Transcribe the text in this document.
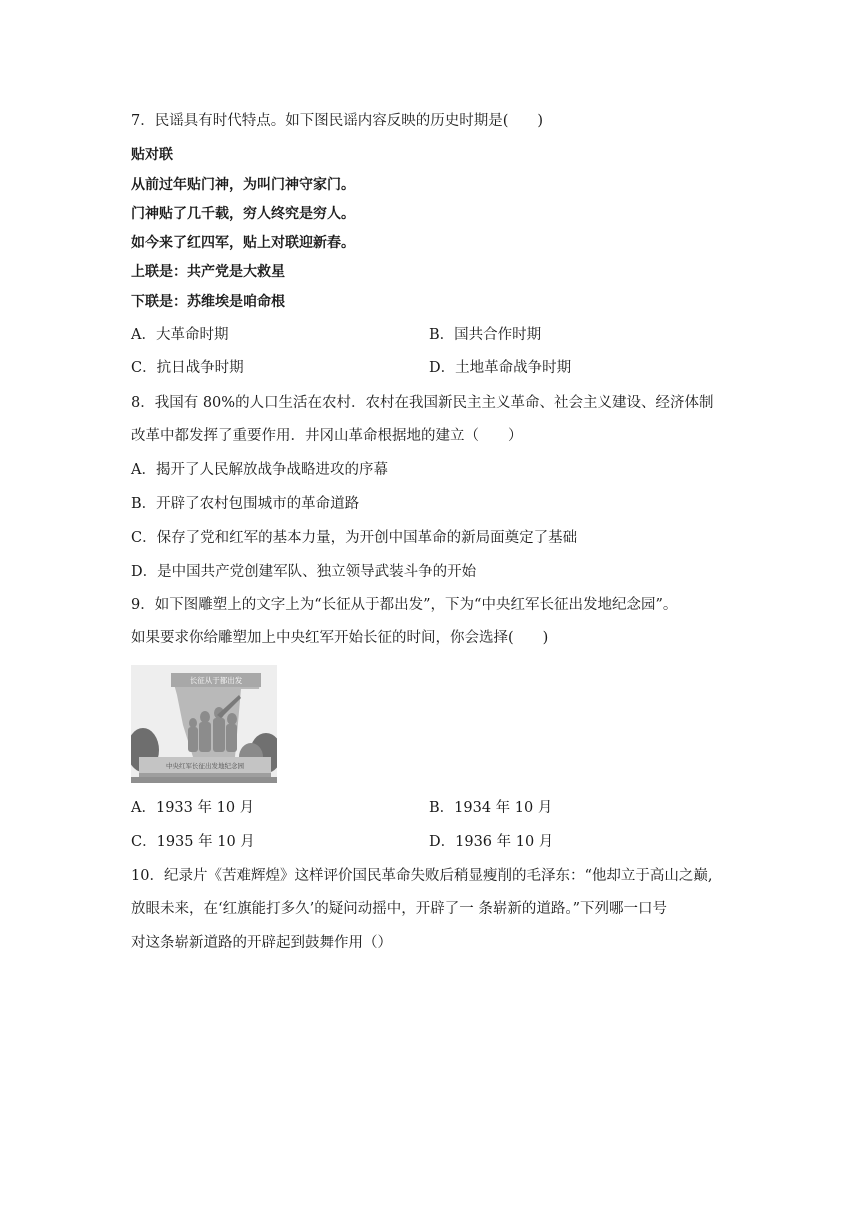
7．民谣具有时代特点。如下图民谣内容反映的历史时期是(　　)
贴对联
从前过年贴门神，为叫门神守家门。
门神贴了几千载，穷人终究是穷人。
如今来了红四军，贴上对联迎新春。
上联是：共产党是大救星
下联是：苏维埃是咱命根
A．大革命时期	B．国共合作时期
C．抗日战争时期	D．土地革命战争时期
8．我国有 80%的人口生活在农村．农村在我国新民主主义革命、社会主义建设、经济体制
改革中都发挥了重要作用．井冈山革命根据地的建立（　　）
A．揭开了人民解放战争战略进攻的序幕
B．开辟了农村包围城市的革命道路
C．保存了党和红军的基本力量，为开创中国革命的新局面奠定了基础
D．是中国共产党创建军队、独立领导武装斗争的开始
9．如下图雕塑上的文字上为“长征从于都出发”，下为“中央红军长征出发地纪念园”。
如果要求你给雕塑加上中央红军开始长征的时间，你会选择(　　)
长征从于都出发
中央红军长征出发地纪念园
A．1933 年 10 月	B．1934 年 10 月
C．1935 年 10 月	D．1936 年 10 月
10．纪录片《苦难辉煌》这样评价国民革命失败后稍显瘦削的毛泽东：“他却立于高山之巅,
放眼未来，在‘红旗能打多久’的疑问动摇中，开辟了一 条崭新的道路。”下列哪一口号
对这条崭新道路的开辟起到鼓舞作用（）
